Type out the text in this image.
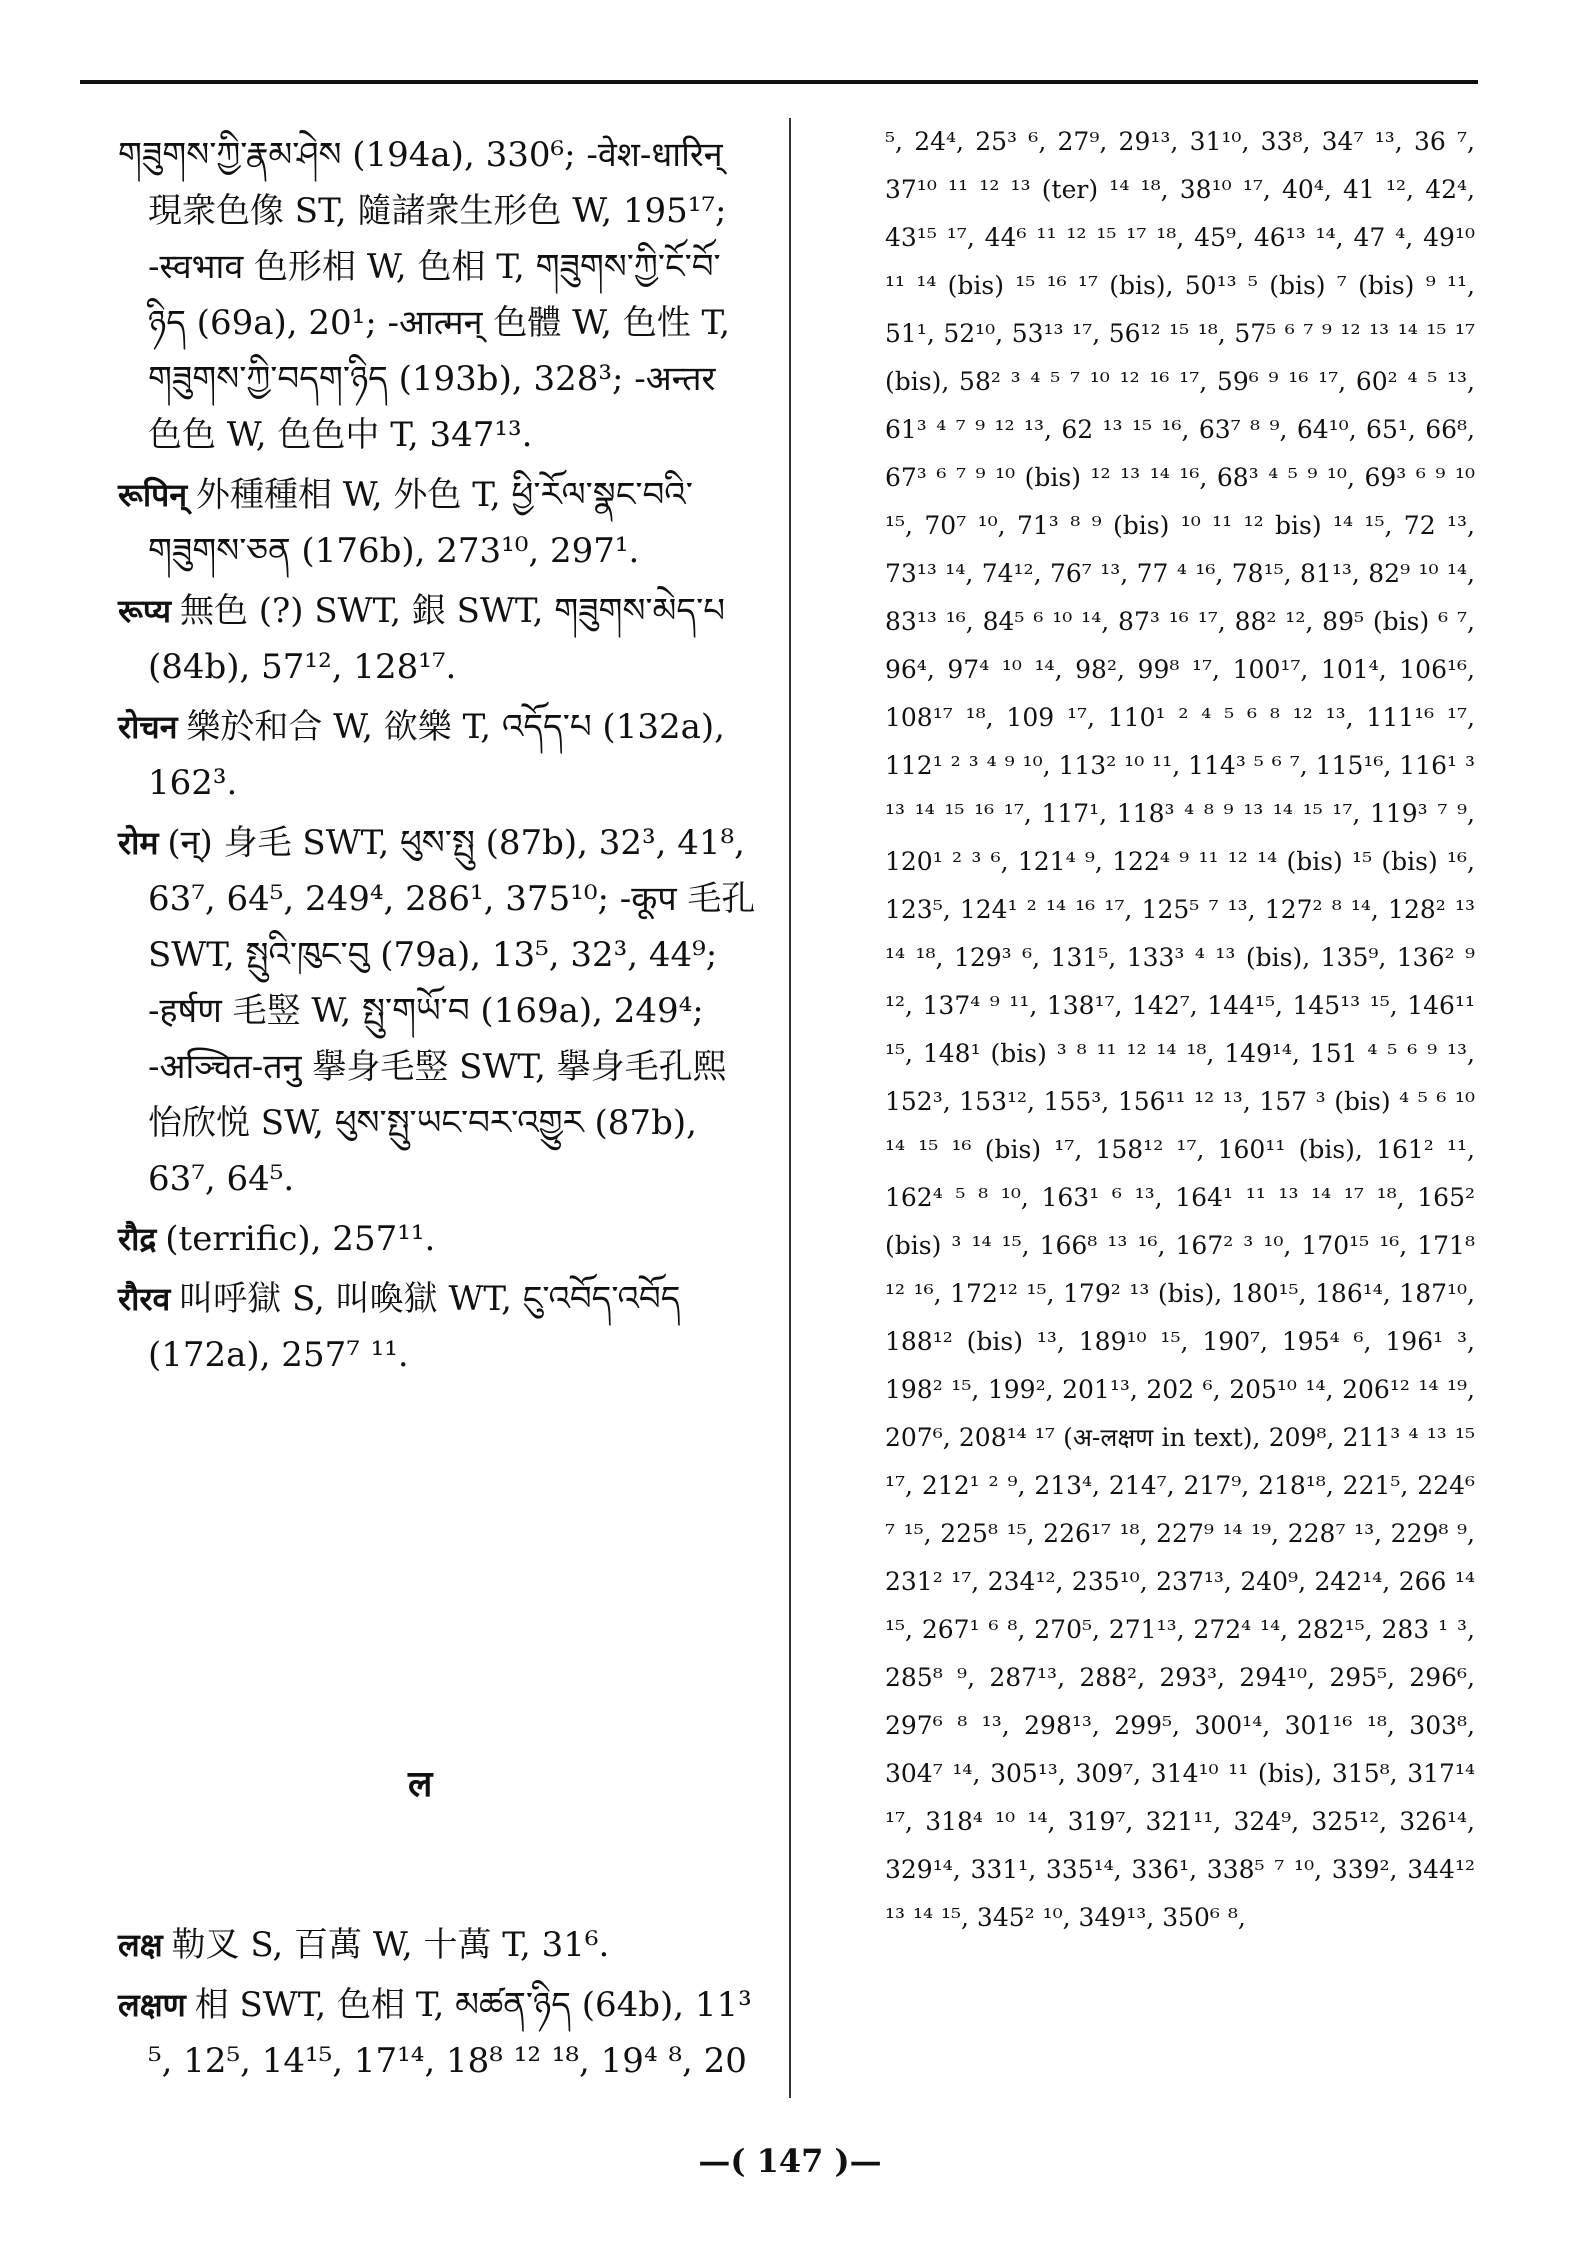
གཟུགས་ཀྱི་རྣམ་ཤེས (194a), 330⁶; -वेश-धारिन् 現衆色像 ST, 隨諸衆生形色 W, 195¹⁷; -स्वभाव 色形相 W, 色相 T, གཟུགས་ཀྱི་ངོ་བོ་ཉིད (69a), 20¹; -आत्मन् 色體 W, 色性 T, གཟུགས་ཀྱི་བདག་ཉིད (193b), 328³; -अन्तर 色色 W, 色色中 T, 347¹³.

रूपिन् 外種種相 W, 外色 T, ཕྱི་རོལ་སྣང་བའི་གཟུགས་ཅན (176b), 273¹⁰, 297¹.

रूप्य 無色 (?) SWT, 銀 SWT, གཟུགས་མེད་པ (84b), 57¹², 128¹⁷.

रोचन 樂於和合 W, 欲樂 T, འདོད་པ (132a), 162³.

रोम (न्) 身毛 SWT, ཕུས་སྤུ (87b), 32³, 41⁸, 63⁷, 64⁵, 249⁴, 286¹, 375¹⁰; -कूप 毛孔 SWT, སྤུའི་ཁུང་བུ (79a), 13⁵, 32³, 44⁹; -हर्षण 毛竪 W, སྤུ་གཡོ་བ (169a), 249⁴; -अञ्चित-तनु 擧身毛竪 SWT, 擧身毛孔熙怡欣悦 SW, ཕུས་སྤུ་ཡང་བར་འགྱུར (87b), 63⁷, 64⁵.

रौद्र (terrific), 257¹¹.

रौरव 叫呼獄 S, 叫喚獄 WT, ངུ་འབོད་འབོད (172a), 257⁷ ¹¹.

ल

लक्ष 勒叉 S, 百萬 W, 十萬 T, 31⁶.

लक्षण 相 SWT, 色相 T, མཚན་ཉིད (64b), 11³ ⁵, 12⁵, 14¹⁵, 17¹⁴, 18⁸ ¹² ¹⁸, 19⁴ ⁸, 20

⁵, 24⁴, 25³ ⁶, 27⁹, 29¹³, 31¹⁰, 33⁸, 34⁷ ¹³, 36 ⁷, 37¹⁰ ¹¹ ¹² ¹³ (ter) ¹⁴ ¹⁸, 38¹⁰ ¹⁷, 40⁴, 41 ¹², 42⁴, 43¹⁵ ¹⁷, 44⁶ ¹¹ ¹² ¹⁵ ¹⁷ ¹⁸, 45⁹, 46¹³ ¹⁴, 47 ⁴, 49¹⁰ ¹¹ ¹⁴ (bis) ¹⁵ ¹⁶ ¹⁷ (bis), 50¹³ ⁵ (bis) ⁷ (bis) ⁹ ¹¹, 51¹, 52¹⁰, 53¹³ ¹⁷, 56¹² ¹⁵ ¹⁸, 57⁵ ⁶ ⁷ ⁹ ¹² ¹³ ¹⁴ ¹⁵ ¹⁷ (bis), 58² ³ ⁴ ⁵ ⁷ ¹⁰ ¹² ¹⁶ ¹⁷, 59⁶ ⁹ ¹⁶ ¹⁷, 60² ⁴ ⁵ ¹³, 61³ ⁴ ⁷ ⁹ ¹² ¹³, 62 ¹³ ¹⁵ ¹⁶, 63⁷ ⁸ ⁹, 64¹⁰, 65¹, 66⁸, 67³ ⁶ ⁷ ⁹ ¹⁰ (bis) ¹² ¹³ ¹⁴ ¹⁶, 68³ ⁴ ⁵ ⁹ ¹⁰, 69³ ⁶ ⁹ ¹⁰ ¹⁵, 70⁷ ¹⁰, 71³ ⁸ ⁹ (bis) ¹⁰ ¹¹ ¹² bis) ¹⁴ ¹⁵, 72 ¹³, 73¹³ ¹⁴, 74¹², 76⁷ ¹³, 77 ⁴ ¹⁶, 78¹⁵, 81¹³, 82⁹ ¹⁰ ¹⁴, 83¹³ ¹⁶, 84⁵ ⁶ ¹⁰ ¹⁴, 87³ ¹⁶ ¹⁷, 88² ¹², 89⁵ (bis) ⁶ ⁷, 96⁴, 97⁴ ¹⁰ ¹⁴, 98², 99⁸ ¹⁷, 100¹⁷, 101⁴, 106¹⁶, 108¹⁷ ¹⁸, 109 ¹⁷, 110¹ ² ⁴ ⁵ ⁶ ⁸ ¹² ¹³, 111¹⁶ ¹⁷, 112¹ ² ³ ⁴ ⁹ ¹⁰, 113² ¹⁰ ¹¹, 114³ ⁵ ⁶ ⁷, 115¹⁶, 116¹ ³ ¹³ ¹⁴ ¹⁵ ¹⁶ ¹⁷, 117¹, 118³ ⁴ ⁸ ⁹ ¹³ ¹⁴ ¹⁵ ¹⁷, 119³ ⁷ ⁹, 120¹ ² ³ ⁶, 121⁴ ⁹, 122⁴ ⁹ ¹¹ ¹² ¹⁴ (bis) ¹⁵ (bis) ¹⁶, 123⁵, 124¹ ² ¹⁴ ¹⁶ ¹⁷, 125⁵ ⁷ ¹³, 127² ⁸ ¹⁴, 128² ¹³ ¹⁴ ¹⁸, 129³ ⁶, 131⁵, 133³ ⁴ ¹³ (bis), 135⁹, 136² ⁹ ¹², 137⁴ ⁹ ¹¹, 138¹⁷, 142⁷, 144¹⁵, 145¹³ ¹⁵, 146¹¹ ¹⁵, 148¹ (bis) ³ ⁸ ¹¹ ¹² ¹⁴ ¹⁸, 149¹⁴, 151 ⁴ ⁵ ⁶ ⁹ ¹³, 152³, 153¹², 155³, 156¹¹ ¹² ¹³, 157 ³ (bis) ⁴ ⁵ ⁶ ¹⁰ ¹⁴ ¹⁵ ¹⁶ (bis) ¹⁷, 158¹² ¹⁷, 160¹¹ (bis), 161² ¹¹, 162⁴ ⁵ ⁸ ¹⁰, 163¹ ⁶ ¹³, 164¹ ¹¹ ¹³ ¹⁴ ¹⁷ ¹⁸, 165² (bis) ³ ¹⁴ ¹⁵, 166⁸ ¹³ ¹⁶, 167² ³ ¹⁰, 170¹⁵ ¹⁶, 171⁸ ¹² ¹⁶, 172¹² ¹⁵, 179² ¹³ (bis), 180¹⁵, 186¹⁴, 187¹⁰, 188¹² (bis) ¹³, 189¹⁰ ¹⁵, 190⁷, 195⁴ ⁶, 196¹ ³, 198² ¹⁵, 199², 201¹³, 202 ⁶, 205¹⁰ ¹⁴, 206¹² ¹⁴ ¹⁹, 207⁶, 208¹⁴ ¹⁷ (अ-लक्षण in text), 209⁸, 211³ ⁴ ¹³ ¹⁵ ¹⁷, 212¹ ² ⁹, 213⁴, 214⁷, 217⁹, 218¹⁸, 221⁵, 224⁶ ⁷ ¹⁵, 225⁸ ¹⁵, 226¹⁷ ¹⁸, 227⁹ ¹⁴ ¹⁹, 228⁷ ¹³, 229⁸ ⁹, 231² ¹⁷, 234¹², 235¹⁰, 237¹³, 240⁹, 242¹⁴, 266 ¹⁴ ¹⁵, 267¹ ⁶ ⁸, 270⁵, 271¹³, 272⁴ ¹⁴, 282¹⁵, 283 ¹ ³, 285⁸ ⁹, 287¹³, 288², 293³, 294¹⁰, 295⁵, 296⁶, 297⁶ ⁸ ¹³, 298¹³, 299⁵, 300¹⁴, 301¹⁶ ¹⁸, 303⁸, 304⁷ ¹⁴, 305¹³, 309⁷, 314¹⁰ ¹¹ (bis), 315⁸, 317¹⁴ ¹⁷, 318⁴ ¹⁰ ¹⁴, 319⁷, 321¹¹, 324⁹, 325¹², 326¹⁴, 329¹⁴, 331¹, 335¹⁴, 336¹, 338⁵ ⁷ ¹⁰, 339², 344¹² ¹³ ¹⁴ ¹⁵, 345² ¹⁰, 349¹³, 350⁶ ⁸,

—( 147 )—
